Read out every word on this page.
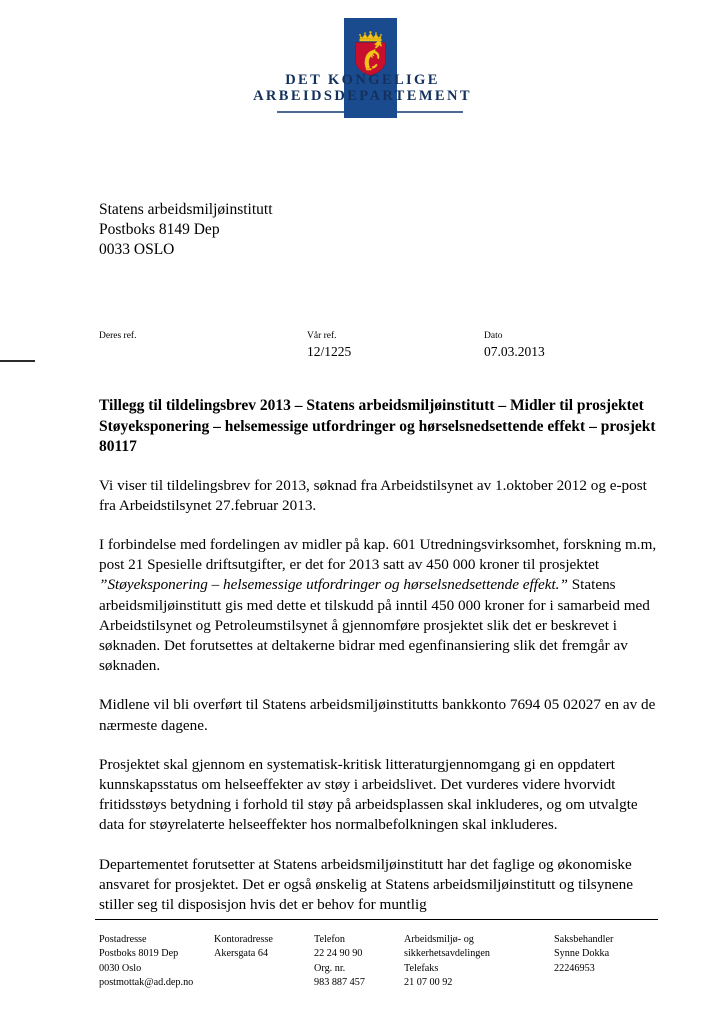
DET KONGELIGE
ARBEIDSDEPARTEMENT
Statens arbeidsmiljøinstitutt
Postboks 8149 Dep
0033 OSLO
Deres ref.	Vår ref.
12/1225
Dato
07.03.2013
Tillegg til tildelingsbrev 2013 – Statens arbeidsmiljøinstitutt – Midler til prosjektet Støyeksponering – helsemessige utfordringer og hørselsnedsettende effekt – prosjekt 80117

Vi viser til tildelingsbrev for 2013, søknad fra Arbeidstilsynet av 1.oktober 2012 og e-post fra Arbeidstilsynet 27.februar 2013.

I forbindelse med fordelingen av midler på kap. 601 Utredningsvirksomhet, forskning m.m, post 21 Spesielle driftsutgifter, er det for 2013 satt av 450 000 kroner til prosjektet ”Støyeksponering – helsemessige utfordringer og hørselsnedsettende effekt.” Statens arbeidsmiljøinstitutt gis med dette et tilskudd på inntil 450 000 kroner for i samarbeid med Arbeidstilsynet og Petroleumstilsynet å gjennomføre prosjektet slik det er beskrevet i søknaden. Det forutsettes at deltakerne bidrar med egenfinansiering slik det fremgår av søknaden.

Midlene vil bli overført til Statens arbeidsmiljøinstitutts bankkonto 7694 05 02027 en av de nærmeste dagene.

Prosjektet skal gjennom en systematisk-kritisk litteraturgjennomgang gi en oppdatert kunnskapsstatus om helseeffekter av støy i arbeidslivet. Det vurderes videre hvorvidt fritidsstøys betydning i forhold til støy på arbeidsplassen skal inkluderes, og om utvalgte data for støyrelaterte helseeffekter hos normalbefolkningen skal inkluderes.

Departementet forutsetter at Statens arbeidsmiljøinstitutt har det faglige og økonomiske ansvaret for prosjektet. Det er også ønskelig at Statens arbeidsmiljøinstitutt og tilsynene stiller seg til disposisjon hvis det er behov for muntlig

Postadresse
Postboks 8019 Dep
0030 Oslo
postmottak@ad.dep.no
Kontoradresse
Akersgata 64
Telefon
22 24 90 90
Org. nr.
983 887 457
Arbeidsmiljø- og
sikkerhetsavdelingen
Telefaks
21 07 00 92
Saksbehandler
Synne Dokka
22246953
